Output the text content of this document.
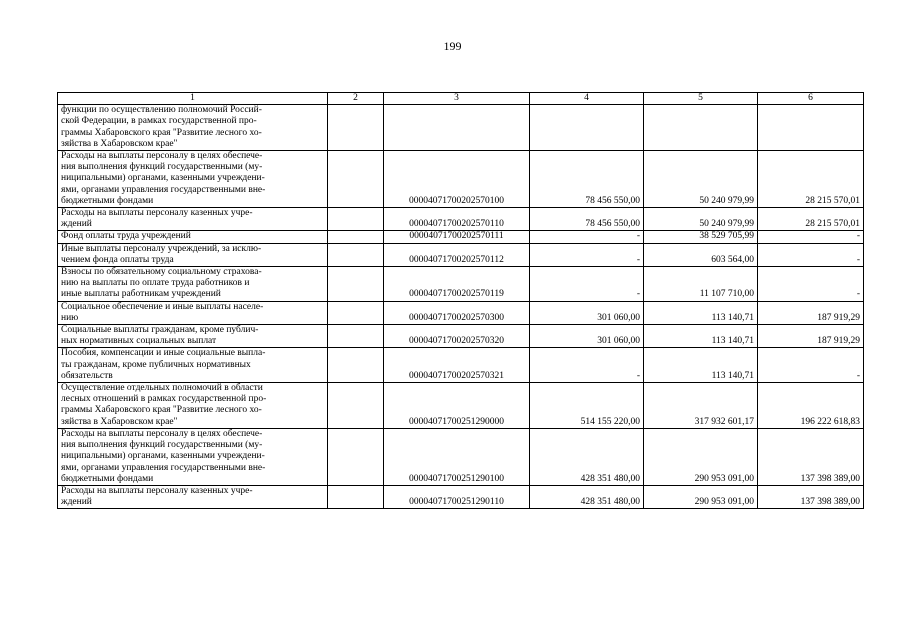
199
1	2	3	4	5	6

функции по осуществлению полномочий Россий-
ской Федерации, в рамках государственной про-
граммы Хабаровского края "Развитие лесного хо-
зяйства в Хабаровском крае"					

Расходы на выплаты персоналу в целях обеспече-
ния выполнения функций государственными (му-
ниципальными) органами, казенными учреждени-
ями, органами управления государственными вне-
бюджетными фондами		00004071700202570100	78 456 550,00	50 240 979,99	28 215 570,01

Расходы на выплаты персоналу казенных учре-
ждений		00004071700202570110	78 456 550,00	50 240 979,99	28 215 570,01

Фонд оплаты труда учреждений		00004071700202570111	-	38 529 705,99	-

Иные выплаты персоналу учреждений, за исклю-
чением фонда оплаты труда		00004071700202570112	-	603 564,00	-

Взносы по обязательному социальному страхова-
нию на выплаты по оплате труда работников и
иные выплаты работникам учреждений		00004071700202570119	-	11 107 710,00	-

Социальное обеспечение и иные выплаты населе-
нию		00004071700202570300	301 060,00	113 140,71	187 919,29

Социальные выплаты гражданам, кроме публич-
ных нормативных социальных выплат		00004071700202570320	301 060,00	113 140,71	187 919,29

Пособия, компенсации и иные социальные выпла-
ты гражданам, кроме публичных нормативных
обязательств		00004071700202570321	-	113 140,71	-

Осуществление отдельных полномочий в области
лесных отношений в рамках государственной про-
граммы Хабаровского края "Развитие лесного хо-
зяйства в Хабаровском крае"		00004071700251290000	514 155 220,00	317 932 601,17	196 222 618,83

Расходы на выплаты персоналу в целях обеспече-
ния выполнения функций государственными (му-
ниципальными) органами, казенными учреждени-
ями, органами управления государственными вне-
бюджетными фондами		00004071700251290100	428 351 480,00	290 953 091,00	137 398 389,00

Расходы на выплаты персоналу казенных учре-
ждений		00004071700251290110	428 351 480,00	290 953 091,00	137 398 389,00
